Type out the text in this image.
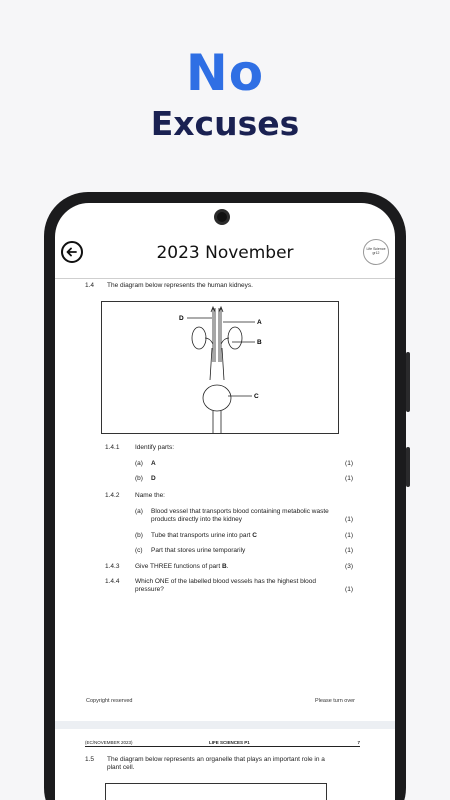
No
Excuses
2023 November	Life Science gr12
1.4 The diagram below represents the human kidneys.
D
A
B
C
1.4.1 Identify parts:
(a) A	(1)
(b) D	(1)
1.4.2 Name the:
(a) Blood vessel that transports blood containing metabolic waste
products directly into the kidney	(1)
(b) Tube that transports urine into part C	(1)
(c) Part that stores urine temporarily	(1)
1.4.3 Give THREE functions of part B.	(3)
1.4.4 Which ONE of the labelled blood vessels has the highest blood
pressure?	(1)
Copyright reserved	Please turn over
(EC/NOVEMBER 2023)	LIFE SCIENCES P1	7
1.5 The diagram below represents an organelle that plays an important role in a
plant cell.
